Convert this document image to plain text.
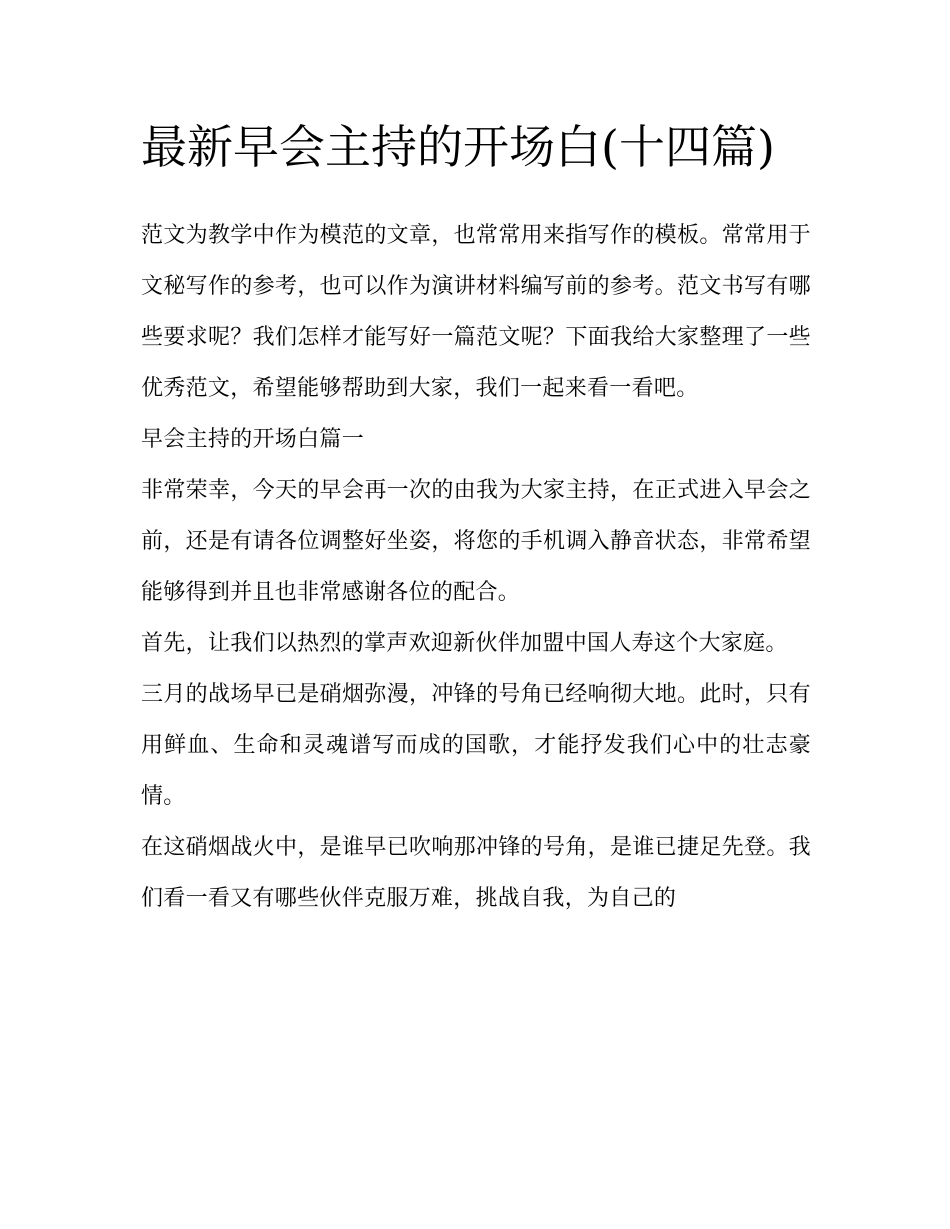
最新早会主持的开场白(十四篇)

范文为教学中作为模范的文章，也常常用来指写作的模板。常常用于文秘写作的参考，也可以作为演讲材料编写前的参考。范文书写有哪些要求呢？我们怎样才能写好一篇范文呢？下面我给大家整理了一些优秀范文，希望能够帮助到大家，我们一起来看一看吧。

早会主持的开场白篇一

非常荣幸，今天的早会再一次的由我为大家主持，在正式进入早会之前，还是有请各位调整好坐姿，将您的手机调入静音状态，非常希望能够得到并且也非常感谢各位的配合。

首先，让我们以热烈的掌声欢迎新伙伴加盟中国人寿这个大家庭。

三月的战场早已是硝烟弥漫，冲锋的号角已经响彻大地。此时，只有用鲜血、生命和灵魂谱写而成的国歌，才能抒发我们心中的壮志豪情。

在这硝烟战火中，是谁早已吹响那冲锋的号角，是谁已捷足先登。我们看一看又有哪些伙伴克服万难，挑战自我，为自己的
